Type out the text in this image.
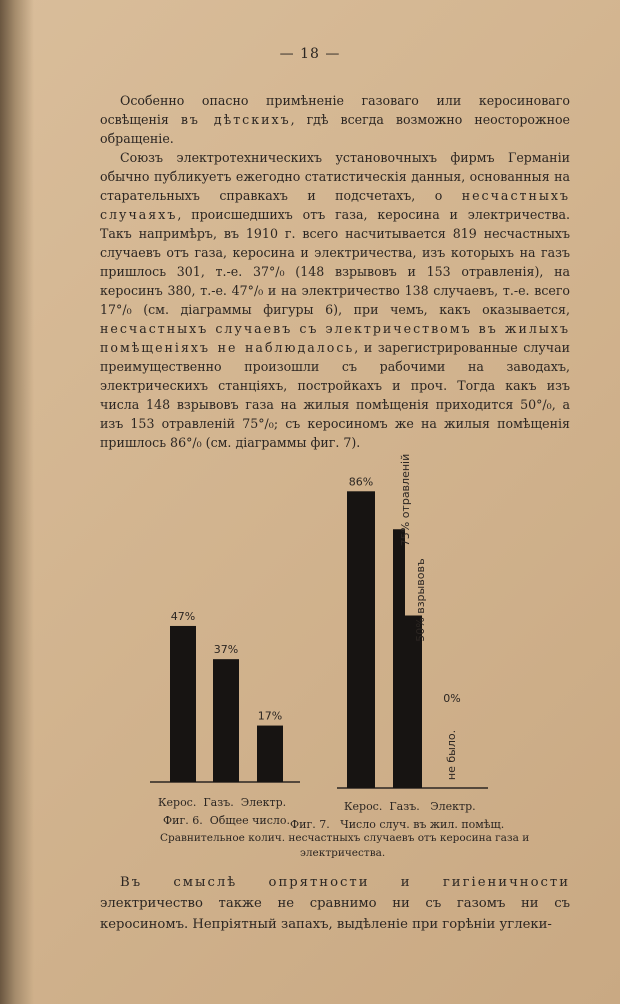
— 18 —

Особенно опасно примѣненіе газоваго или керосиноваго освѣщенія въ дѣтскихъ, гдѣ всегда возможно неосторожное обращеніе.

Союзъ электротехническихъ установочныхъ фирмъ Германіи обычно публикуетъ ежегодно статистическія данныя, основанныя на старательныхъ справкахъ и подсчетахъ, о несчастныхъ случаяхъ, происшедшихъ отъ газа, керосина и электричества. Такъ напримѣръ, въ 1910 г. всего насчитывается 819 несчастныхъ случаевъ отъ газа, керосина и электричества, изъ которыхъ на газъ пришлось 301, т.-е. 37°/₀ (148 взрывовъ и 153 отравленія), на керосинъ 380, т.-е. 47°/₀ и на электричество 138 случаевъ, т.-е. всего 17°/₀ (см. діаграммы фигуры 6), при чемъ, какъ оказывается, несчастныхъ случаевъ съ электричествомъ въ жилыхъ помѣщеніяхъ не наблюдалось, и зарегистрированные случаи преимущественно произошли съ рабочими на заводахъ, электрическихъ станціяхъ, постройкахъ и проч. Тогда какъ изъ числа 148 взрывовъ газа на жилыя помѣщенія приходится 50°/₀, а изъ 153 отравленій 75°/₀; съ керосиномъ же на жилыя помѣщенія пришлось 86°/₀ (см. діаграммы фиг. 7).

47%
37%
17%
86% 75% отравленій
50% взрывовъ
0%
не было.
Керос. Газъ. Электр.	Керос. Газъ. Электр.
Фиг. 6. Общее число. Фиг. 7. Число случ. въ жил. помѣщ.
Сравнительное колич. несчастныхъ случаевъ отъ керосина газа и
электричества.

Въ смыслѣ опрятности и гигіеничности электричество также не сравнимо ни съ газомъ ни съ керосиномъ. Непріятный запахъ, выдѣленіе при горѣніи углеки-
